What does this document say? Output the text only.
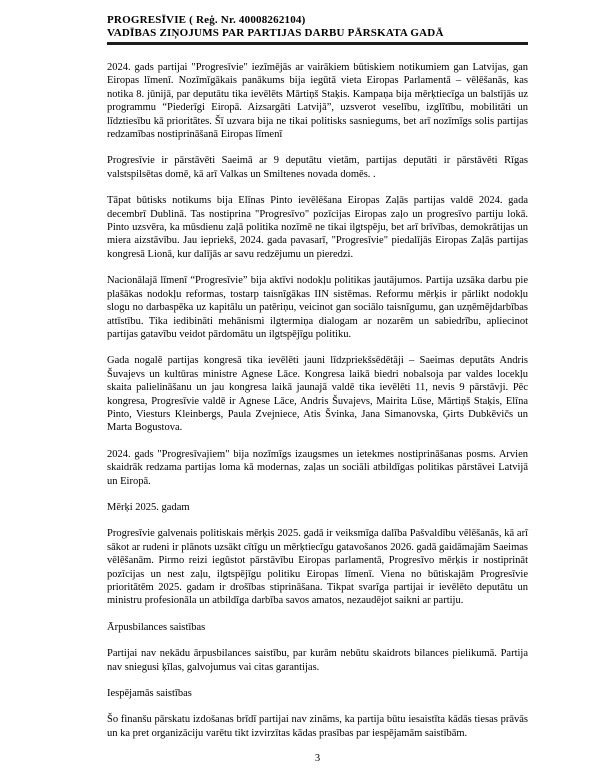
PROGRESĪVIE ( Reģ. Nr. 40008262104)
VADĪBAS ZIŅOJUMS PAR PARTIJAS DARBU PĀRSKATA GADĀ

2024. gads partijai "Progresīvie" iezīmējās ar vairākiem būtiskiem notikumiem gan Latvijas, gan Eiropas līmenī. Nozīmīgākais panākums bija iegūtā vieta Eiropas Parlamentā – vēlēšanās, kas notika 8. jūnijā, par deputātu tika ievēlēts Mārtiņš Staķis. Kampaņa bija mērķtiecīga un balstījās uz programmu “Piederīgi Eiropā. Aizsargāti Latvijā”, uzsverot veselību, izglītību, mobilitāti un līdztiesību kā prioritātes. Šī uzvara bija ne tikai politisks sasniegums, bet arī nozīmīgs solis partijas redzamības nostiprināšanā Eiropas līmenī

Progresīvie ir pārstāvēti Saeimā ar 9 deputātu vietām, partijas deputāti ir pārstāvēti Rīgas valstspilsētas domē, kā arī Valkas un Smiltenes novada domēs. .

Tāpat būtisks notikums bija Elīnas Pinto ievēlēšana Eiropas Zaļās partijas valdē 2024. gada decembrī Dublinā. Tas nostiprina "Progresīvo" pozīcijas Eiropas zaļo un progresīvo partiju lokā. Pinto uzsvēra, ka mūsdienu zaļā politika nozīmē ne tikai ilgtspēju, bet arī brīvības, demokrātijas un miera aizstāvību. Jau iepriekš, 2024. gada pavasarī, "Progresīvie" piedalījās Eiropas Zaļās partijas kongresā Lionā, kur dalījās ar savu redzējumu un pieredzi.

Nacionālajā līmenī “Progresīvie” bija aktīvi nodokļu politikas jautājumos. Partija uzsāka darbu pie plašākas nodokļu reformas, tostarp taisnīgākas IIN sistēmas. Reformu mērķis ir pārlikt nodokļu slogu no darbaspēka uz kapitālu un patēriņu, veicinot gan sociālo taisnīgumu, gan uzņēmējdarbības attīstību. Tika iedibināti mehānismi ilgtermiņa dialogam ar nozarēm un sabiedrību, apliecinot partijas gatavību veidot pārdomātu un ilgtspējīgu politiku.

Gada nogalē partijas kongresā tika ievēlēti jauni līdzpriekšsēdētāji – Saeimas deputāts Andris Šuvajevs un kultūras ministre Agnese Lāce. Kongresa laikā biedri nobalsoja par valdes locekļu skaita palielināšanu un jau kongresa laikā jaunajā valdē tika ievēlēti 11, nevis 9 pārstāvji. Pēc kongresa, Progresīvie valdē ir Agnese Lāce, Andris Šuvajevs, Mairita Lūse, Mārtiņš Staķis, Elīna Pinto, Viesturs Kleinbergs, Paula Zvejniece, Atis Švinka, Jana Simanovska, Ģirts Dubkēvičs un Marta Bogustova.

2024. gads "Progresīvajiem" bija nozīmīgs izaugsmes un ietekmes nostiprināšanas posms. Arvien skaidrāk redzama partijas loma kā modernas, zaļas un sociāli atbildīgas politikas pārstāvei Latvijā un Eiropā.

Mērķi 2025. gadam

Progresīvie galvenais politiskais mērķis 2025. gadā ir veiksmīga dalība Pašvaldību vēlēšanās, kā arī sākot ar rudeni ir plānots uzsākt cītīgu un mērķtiecīgu gatavošanos 2026. gadā gaidāmajām Saeimas vēlēšanām. Pirmo reizi iegūstot pārstāvību Eiropas parlamentā, Progresīvo mērķis ir nostiprināt pozīcijas un nest zaļu, ilgtspējīgu politiku Eiropas līmenī. Viena no būtiskajām Progresīvie prioritātēm 2025. gadam ir drošības stiprināšana. Tikpat svarīga partijai ir ievēlēto deputātu un ministru profesionāla un atbildīga darbība savos amatos, nezaudējot saikni ar partiju.

Ārpusbilances saistības

Partijai nav nekādu ārpusbilances saistību, par kurām nebūtu skaidrots bilances pielikumā. Partija nav sniegusi ķīlas, galvojumus vai citas garantijas.

Iespējamās saistības

Šo finanšu pārskatu izdošanas brīdī partijai nav zināms, ka partija būtu iesaistīta kādās tiesas prāvās un ka pret organizāciju varētu tikt izvirzītas kādas prasības par iespējamām saistībām.

3
